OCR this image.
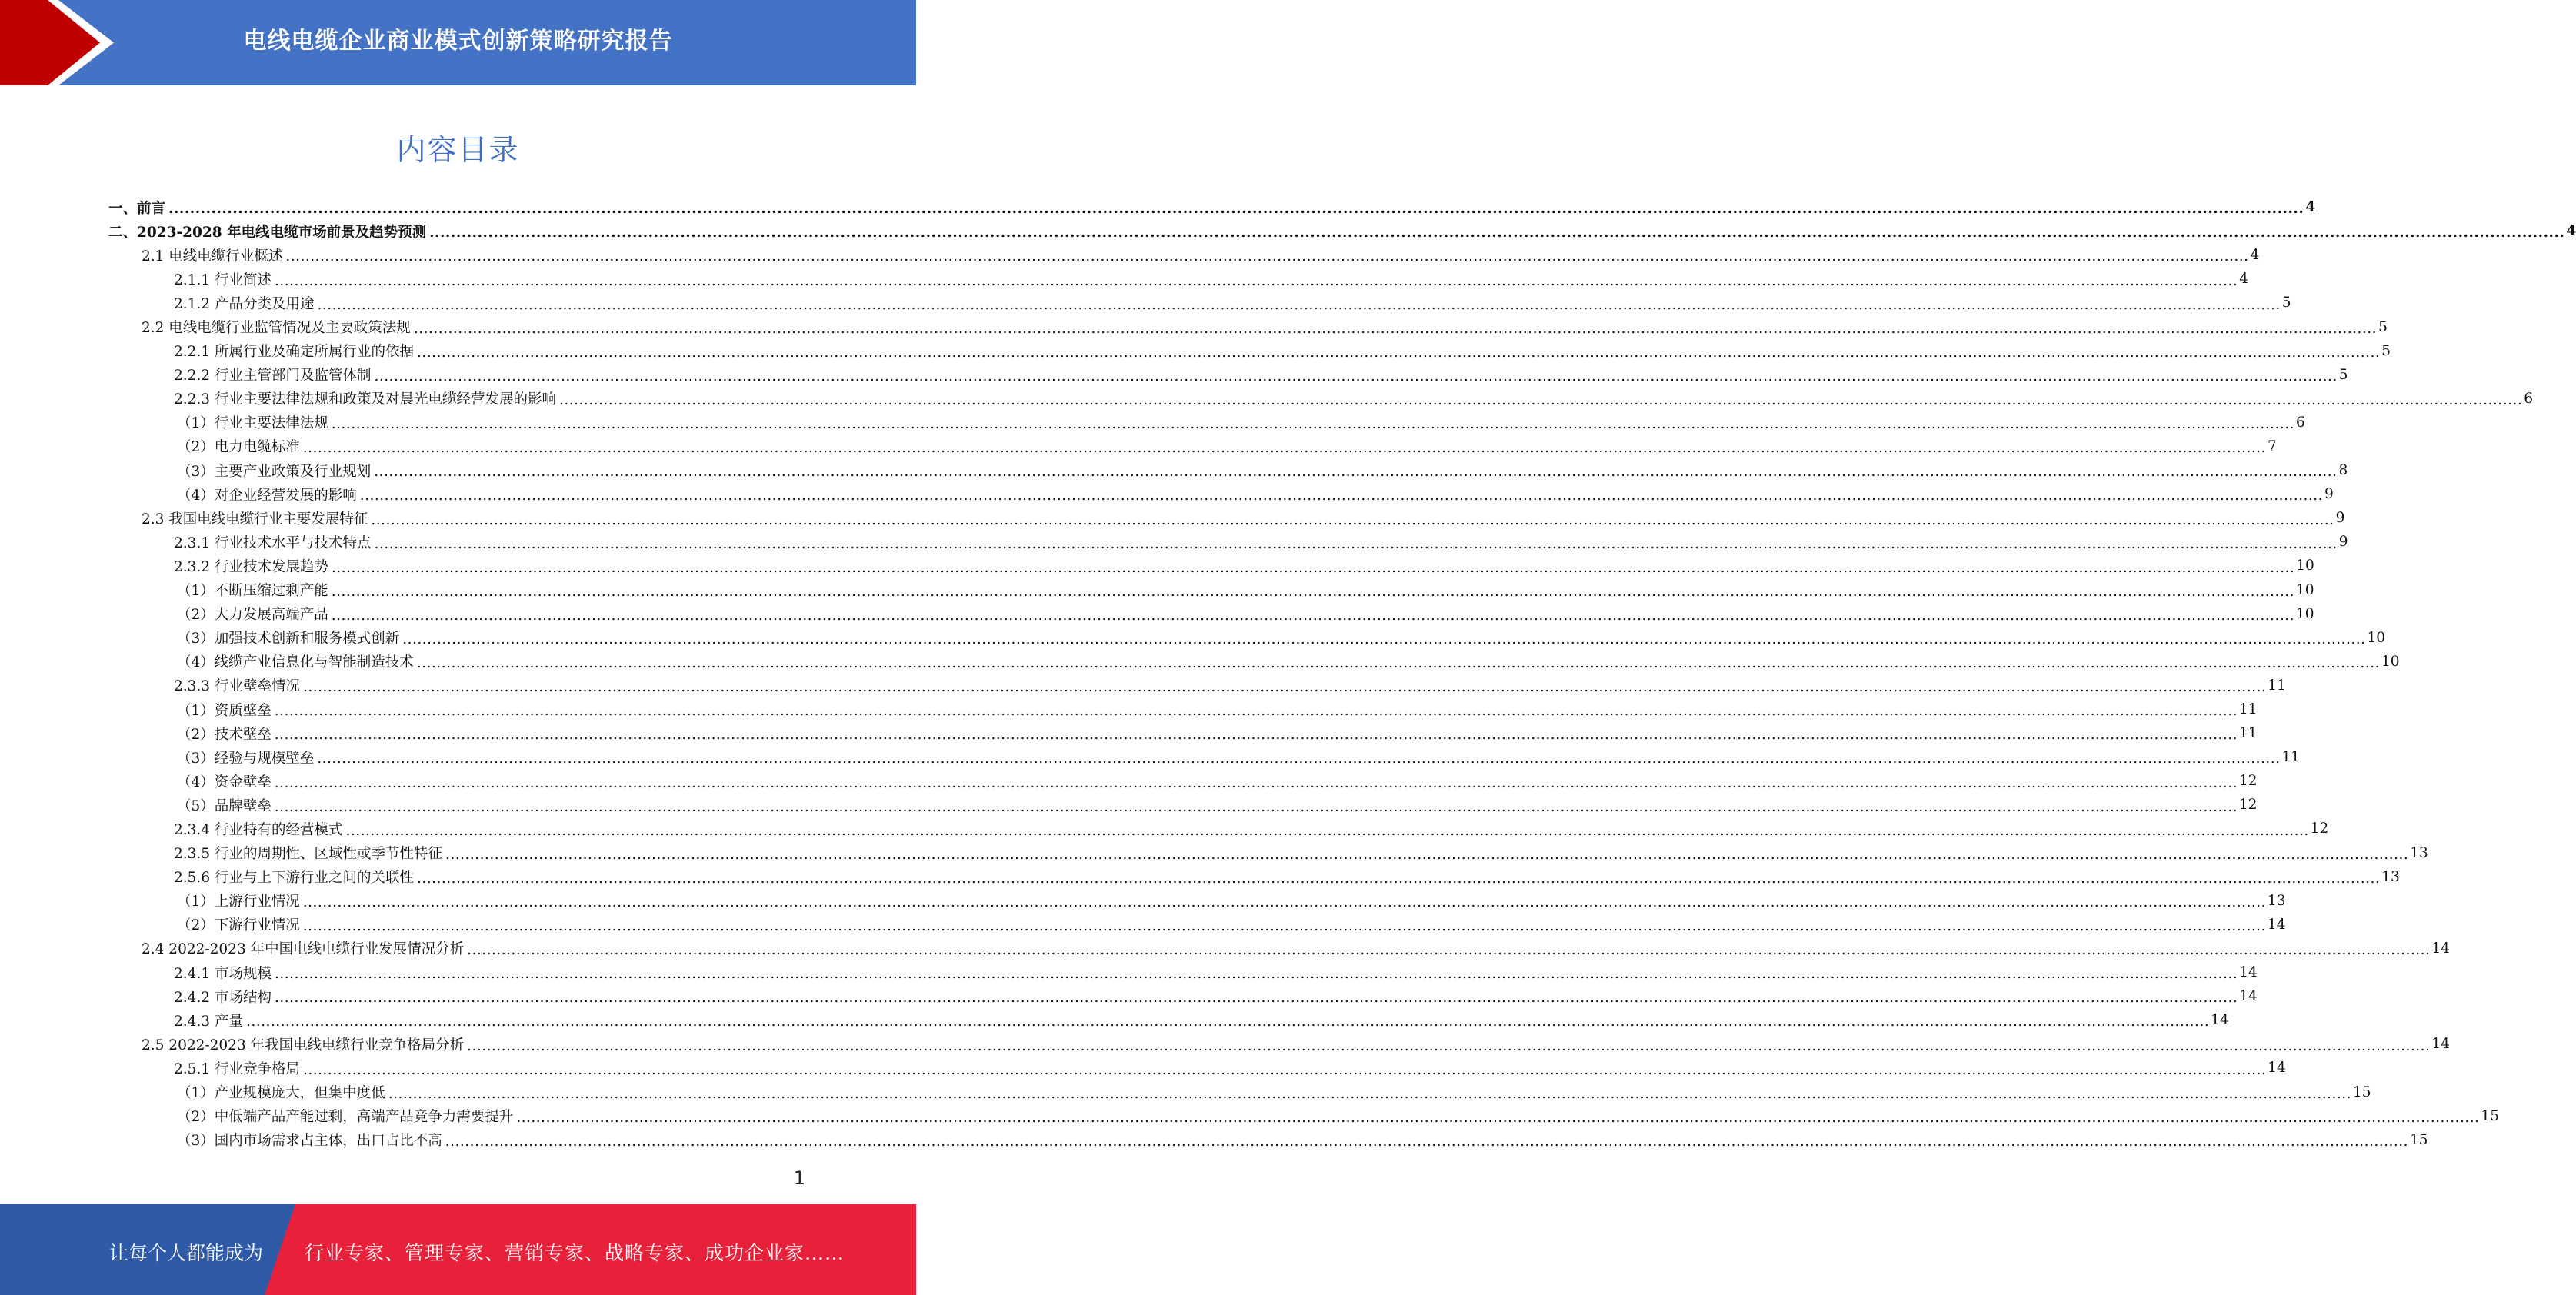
电线电缆企业商业模式创新策略研究报告
内容目录
一、前言 ................................................................................................................................................................................................................................................................................................................................................................................................................ 4
二、2023-2028 年电线电缆市场前景及趋势预测 ................................................................................................................................................................................................................................................................................................................................................................................................................ 4
2.1 电线电缆行业概述 ................................................................................................................................................................................................................................................................................................................................................................................................................ 4
2.1.1 行业简述 ................................................................................................................................................................................................................................................................................................................................................................................................................ 4
2.1.2 产品分类及用途 ................................................................................................................................................................................................................................................................................................................................................................................................................ 5
2.2 电线电缆行业监管情况及主要政策法规 ................................................................................................................................................................................................................................................................................................................................................................................................................ 5
2.2.1 所属行业及确定所属行业的依据 ................................................................................................................................................................................................................................................................................................................................................................................................................ 5
2.2.2 行业主管部门及监管体制 ................................................................................................................................................................................................................................................................................................................................................................................................................ 5
2.2.3 行业主要法律法规和政策及对晨光电缆经营发展的影响 ................................................................................................................................................................................................................................................................................................................................................................................................................ 6
（1）行业主要法律法规 ................................................................................................................................................................................................................................................................................................................................................................................................................ 6
（2）电力电缆标准 ................................................................................................................................................................................................................................................................................................................................................................................................................ 7
（3）主要产业政策及行业规划 ................................................................................................................................................................................................................................................................................................................................................................................................................ 8
（4）对企业经营发展的影响 ................................................................................................................................................................................................................................................................................................................................................................................................................ 9
2.3 我国电线电缆行业主要发展特征 ................................................................................................................................................................................................................................................................................................................................................................................................................ 9
2.3.1 行业技术水平与技术特点 ................................................................................................................................................................................................................................................................................................................................................................................................................ 9
2.3.2 行业技术发展趋势 ................................................................................................................................................................................................................................................................................................................................................................................................................ 10
（1）不断压缩过剩产能 ................................................................................................................................................................................................................................................................................................................................................................................................................ 10
（2）大力发展高端产品 ................................................................................................................................................................................................................................................................................................................................................................................................................ 10
（3）加强技术创新和服务模式创新 ................................................................................................................................................................................................................................................................................................................................................................................................................ 10
（4）线缆产业信息化与智能制造技术 ................................................................................................................................................................................................................................................................................................................................................................................................................ 10
2.3.3 行业壁垒情况 ................................................................................................................................................................................................................................................................................................................................................................................................................ 11
（1）资质壁垒 ................................................................................................................................................................................................................................................................................................................................................................................................................ 11
（2）技术壁垒 ................................................................................................................................................................................................................................................................................................................................................................................................................ 11
（3）经验与规模壁垒 ................................................................................................................................................................................................................................................................................................................................................................................................................ 11
（4）资金壁垒 ................................................................................................................................................................................................................................................................................................................................................................................................................ 12
（5）品牌壁垒 ................................................................................................................................................................................................................................................................................................................................................................................................................ 12
2.3.4 行业特有的经营模式 ................................................................................................................................................................................................................................................................................................................................................................................................................ 12
2.3.5 行业的周期性、区域性或季节性特征 ................................................................................................................................................................................................................................................................................................................................................................................................................ 13
2.5.6 行业与上下游行业之间的关联性 ................................................................................................................................................................................................................................................................................................................................................................................................................ 13
（1）上游行业情况 ................................................................................................................................................................................................................................................................................................................................................................................................................ 13
（2）下游行业情况 ................................................................................................................................................................................................................................................................................................................................................................................................................ 14
2.4 2022-2023 年中国电线电缆行业发展情况分析 ................................................................................................................................................................................................................................................................................................................................................................................................................ 14
2.4.1 市场规模 ................................................................................................................................................................................................................................................................................................................................................................................................................ 14
2.4.2 市场结构 ................................................................................................................................................................................................................................................................................................................................................................................................................ 14
2.4.3 产量 ................................................................................................................................................................................................................................................................................................................................................................................................................ 14
2.5 2022-2023 年我国电线电缆行业竞争格局分析 ................................................................................................................................................................................................................................................................................................................................................................................................................ 14
2.5.1 行业竞争格局 ................................................................................................................................................................................................................................................................................................................................................................................................................ 14
（1）产业规模庞大，但集中度低 ................................................................................................................................................................................................................................................................................................................................................................................................................ 15
（2）中低端产品产能过剩，高端产品竞争力需要提升 ................................................................................................................................................................................................................................................................................................................................................................................................................ 15
（3）国内市场需求占主体，出口占比不高 ................................................................................................................................................................................................................................................................................................................................................................................................................ 15
1
让每个人都能成为 行业专家、管理专家、营销专家、战略专家、成功企业家……
